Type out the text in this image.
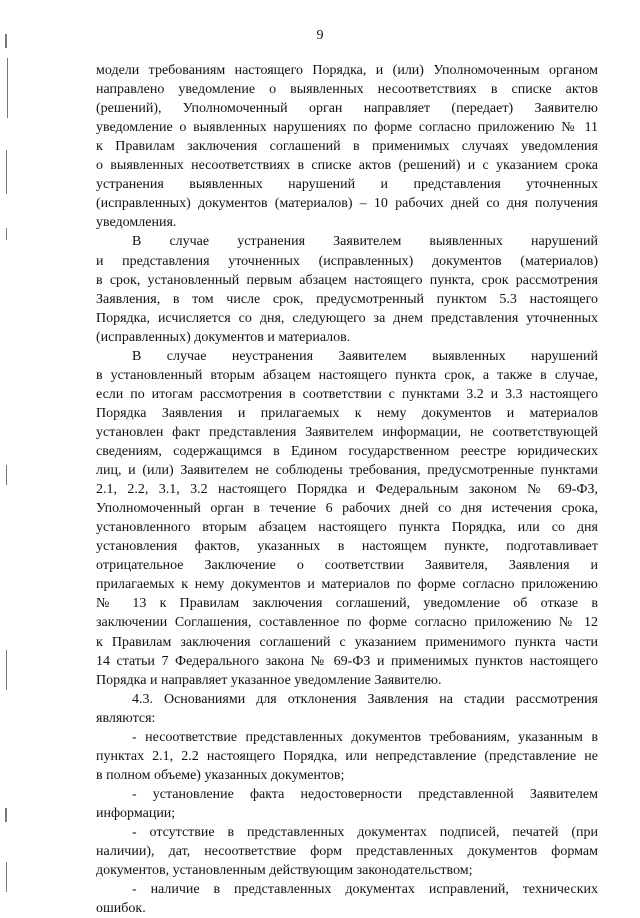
9
модели требованиям настоящего Порядка, и (или) Уполномоченным органом
направлено уведомление о выявленных несоответствиях в списке актов
(решений), Уполномоченный орган направляет (передает) Заявителю
уведомление о выявленных нарушениях по форме согласно приложению № 11
к Правилам заключения соглашений в применимых случаях уведомления
о выявленных несоответствиях в списке актов (решений) и с указанием срока
устранения выявленных нарушений и представления уточненных
(исправленных) документов (материалов) – 10 рабочих дней со дня получения
уведомления.
В случае устранения Заявителем выявленных нарушений
и представления уточненных (исправленных) документов (материалов)
в срок, установленный первым абзацем настоящего пункта, срок рассмотрения
Заявления, в том числе срок, предусмотренный пунктом 5.3 настоящего
Порядка, исчисляется со дня, следующего за днем представления уточненных
(исправленных) документов и материалов.
В случае неустранения Заявителем выявленных нарушений
в установленный вторым абзацем настоящего пункта срок, а также в случае,
если по итогам рассмотрения в соответствии с пунктами 3.2 и 3.3 настоящего
Порядка Заявления и прилагаемых к нему документов и материалов
установлен факт представления Заявителем информации, не соответствующей
сведениям, содержащимся в Едином государственном реестре юридических
лиц, и (или) Заявителем не соблюдены требования, предусмотренные пунктами
2.1, 2.2, 3.1, 3.2 настоящего Порядка и Федеральным законом № 69-ФЗ,
Уполномоченный орган в течение 6 рабочих дней со дня истечения срока,
установленного вторым абзацем настоящего пункта Порядка, или со дня
установления фактов, указанных в настоящем пункте, подготавливает
отрицательное Заключение о соответствии Заявителя, Заявления и
прилагаемых к нему документов и материалов по форме согласно приложению
№ 13 к Правилам заключения соглашений, уведомление об отказе в
заключении Соглашения, составленное по форме согласно приложению № 12
к Правилам заключения соглашений с указанием применимого пункта части
14 статьи 7 Федерального закона № 69-ФЗ и применимых пунктов настоящего
Порядка и направляет указанное уведомление Заявителю.
4.3. Основаниями для отклонения Заявления на стадии рассмотрения
являются:
- несоответствие представленных документов требованиям, указанным в
пунктах 2.1, 2.2 настоящего Порядка, или непредставление (представление не
в полном объеме) указанных документов;
- установление факта недостоверности представленной Заявителем
информации;
- отсутствие в представленных документах подписей, печатей (при
наличии), дат, несоответствие форм представленных документов формам
документов, установленным действующим законодательством;
- наличие в представленных документах исправлений, технических
ошибок.
